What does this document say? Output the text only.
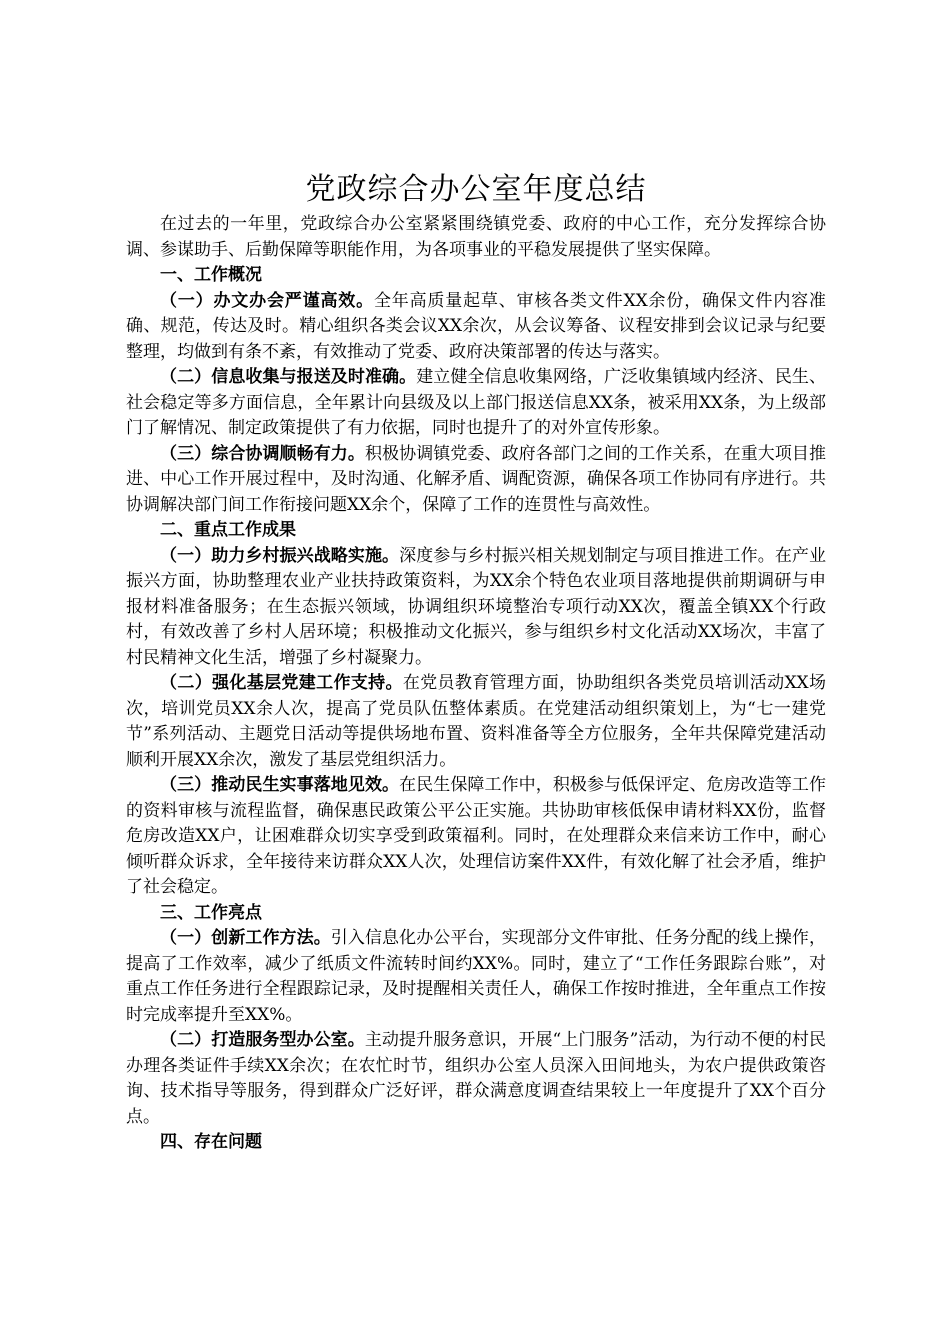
党政综合办公室年度总结

在过去的一年里，党政综合办公室紧紧围绕镇党委、政府的中心工作，充分发挥综合协调、参谋助手、后勤保障等职能作用，为各项事业的平稳发展提供了坚实保障。

一、工作概况

（一）办文办会严谨高效。全年高质量起草、审核各类文件XX余份，确保文件内容准确、规范，传达及时。精心组织各类会议XX余次，从会议筹备、议程安排到会议记录与纪要整理，均做到有条不紊，有效推动了党委、政府决策部署的传达与落实。

（二）信息收集与报送及时准确。建立健全信息收集网络，广泛收集镇域内经济、民生、社会稳定等多方面信息，全年累计向县级及以上部门报送信息XX条，被采用XX条，为上级部门了解情况、制定政策提供了有力依据，同时也提升了的对外宣传形象。

（三）综合协调顺畅有力。积极协调镇党委、政府各部门之间的工作关系，在重大项目推进、中心工作开展过程中，及时沟通、化解矛盾、调配资源，确保各项工作协同有序进行。共协调解决部门间工作衔接问题XX余个，保障了工作的连贯性与高效性。

二、重点工作成果

（一）助力乡村振兴战略实施。深度参与乡村振兴相关规划制定与项目推进工作。在产业振兴方面，协助整理农业产业扶持政策资料，为XX余个特色农业项目落地提供前期调研与申报材料准备服务；在生态振兴领域，协调组织环境整治专项行动XX次，覆盖全镇XX个行政村，有效改善了乡村人居环境；积极推动文化振兴，参与组织乡村文化活动XX场次，丰富了村民精神文化生活，增强了乡村凝聚力。

（二）强化基层党建工作支持。在党员教育管理方面，协助组织各类党员培训活动XX场次，培训党员XX余人次，提高了党员队伍整体素质。在党建活动组织策划上，为“七一建党节”系列活动、主题党日活动等提供场地布置、资料准备等全方位服务，全年共保障党建活动顺利开展XX余次，激发了基层党组织活力。

（三）推动民生实事落地见效。在民生保障工作中，积极参与低保评定、危房改造等工作的资料审核与流程监督，确保惠民政策公平公正实施。共协助审核低保申请材料XX份，监督危房改造XX户，让困难群众切实享受到政策福利。同时，在处理群众来信来访工作中，耐心倾听群众诉求，全年接待来访群众XX人次，处理信访案件XX件，有效化解了社会矛盾，维护了社会稳定。

三、工作亮点

（一）创新工作方法。引入信息化办公平台，实现部分文件审批、任务分配的线上操作，提高了工作效率，减少了纸质文件流转时间约XX%。同时，建立了“工作任务跟踪台账”，对重点工作任务进行全程跟踪记录，及时提醒相关责任人，确保工作按时推进，全年重点工作按时完成率提升至XX%。

（二）打造服务型办公室。主动提升服务意识，开展“上门服务”活动，为行动不便的村民办理各类证件手续XX余次；在农忙时节，组织办公室人员深入田间地头，为农户提供政策咨询、技术指导等服务，得到群众广泛好评，群众满意度调查结果较上一年度提升了XX个百分点。

四、存在问题
